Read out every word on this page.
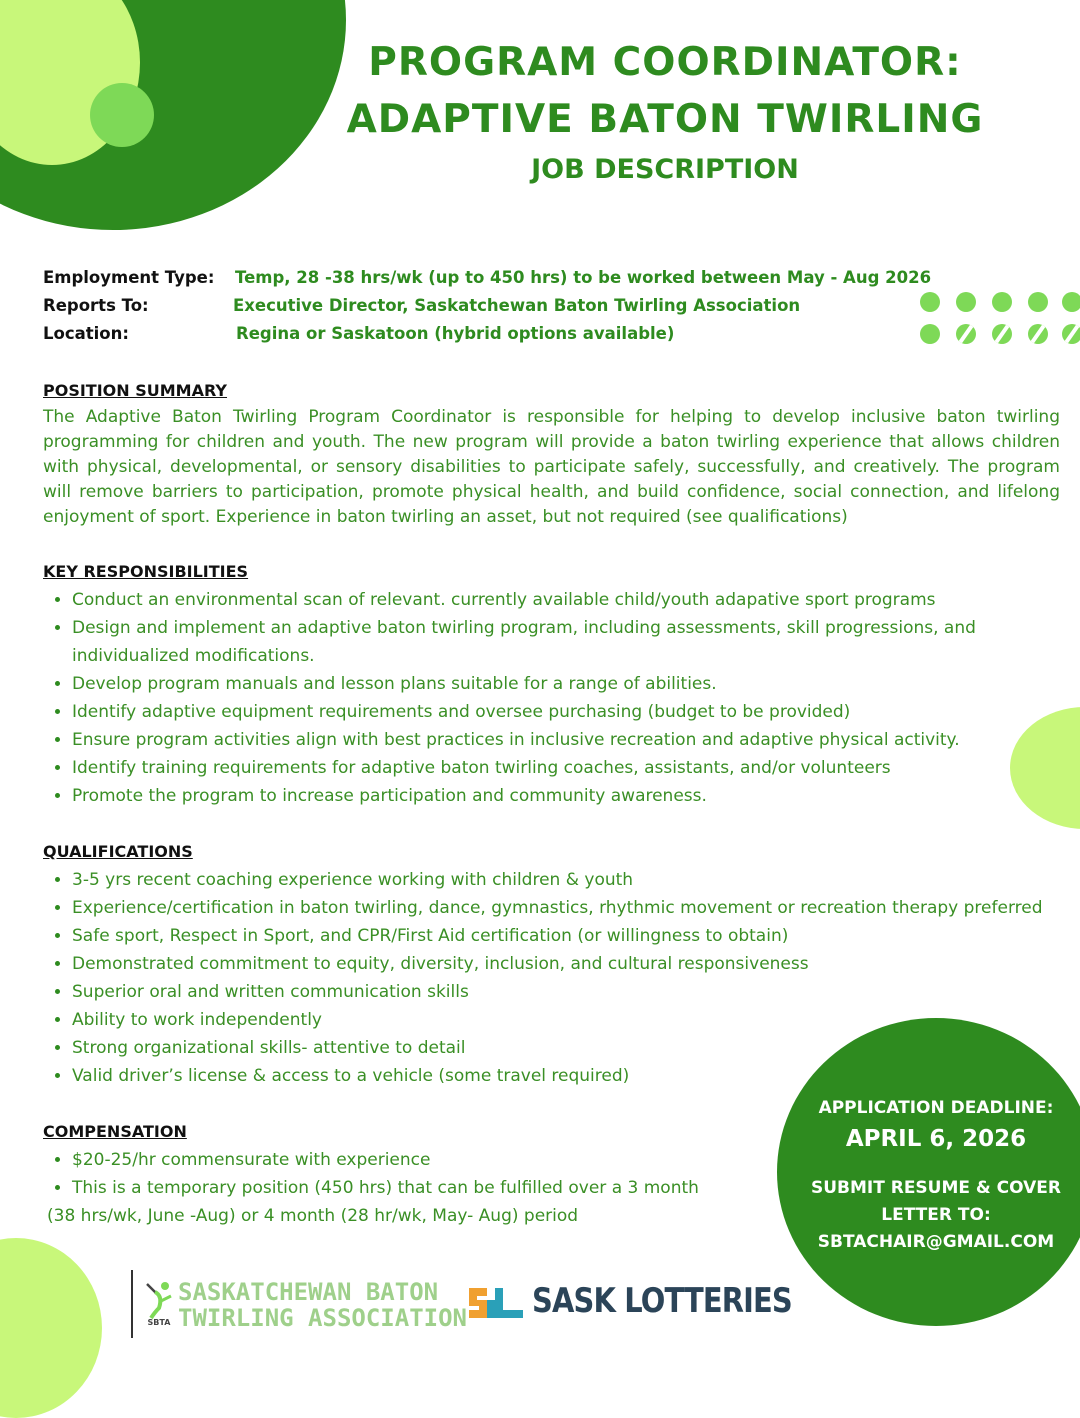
PROGRAM COORDINATOR:
ADAPTIVE BATON TWIRLING
JOB DESCRIPTION
Employment Type: Temp, 28 -38 hrs/wk (up to 450 hrs) to be worked between May - Aug 2026
Reports To:	Executive Director, Saskatchewan Baton Twirling Association
Location:	Regina or Saskatoon (hybrid options available)
POSITION SUMMARY
The Adaptive Baton Twirling Program Coordinator is responsible for helping to develop inclusive baton twirling programming for children and youth. The new program will provide a baton twirling experience that allows children with physical, developmental, or sensory disabilities to participate safely, successfully, and creatively. The program will remove barriers to participation, promote physical health, and build confidence, social connection, and lifelong enjoyment of sport. Experience in baton twirling an asset, but not required (see qualifications)
KEY RESPONSIBILITIES
• Conduct an environmental scan of relevant. currently available child/youth adapative sport programs
• Design and implement an adaptive baton twirling program, including assessments, skill progressions, and individualized modifications.
• Develop program manuals and lesson plans suitable for a range of abilities.
• Identify adaptive equipment requirements and oversee purchasing (budget to be provided)
• Ensure program activities align with best practices in inclusive recreation and adaptive physical activity.
• Identify training requirements for adaptive baton twirling coaches, assistants, and/or volunteers
• Promote the program to increase participation and community awareness.
QUALIFICATIONS
• 3-5 yrs recent coaching experience working with children & youth
• Experience/certification in baton twirling, dance, gymnastics, rhythmic movement or recreation therapy preferred
• Safe sport, Respect in Sport, and CPR/First Aid certification (or willingness to obtain)
• Demonstrated commitment to equity, diversity, inclusion, and cultural responsiveness
• Superior oral and written communication skills
• Ability to work independently
• Strong organizational skills- attentive to detail
• Valid driver’s license & access to a vehicle (some travel required)
COMPENSATION
• $20-25/hr commensurate with experience
• This is a temporary position (450 hrs) that can be fulfilled over a 3 month
(38 hrs/wk, June -Aug) or 4 month (28 hr/wk, May- Aug) period
APPLICATION DEADLINE:
APRIL 6, 2026
SUBMIT RESUME & COVER
LETTER TO:
SBTACHAIR@GMAIL.COM
SBTA
SASKATCHEWAN BATON
TWIRLING ASSOCIATION SASK LOTTERIES
